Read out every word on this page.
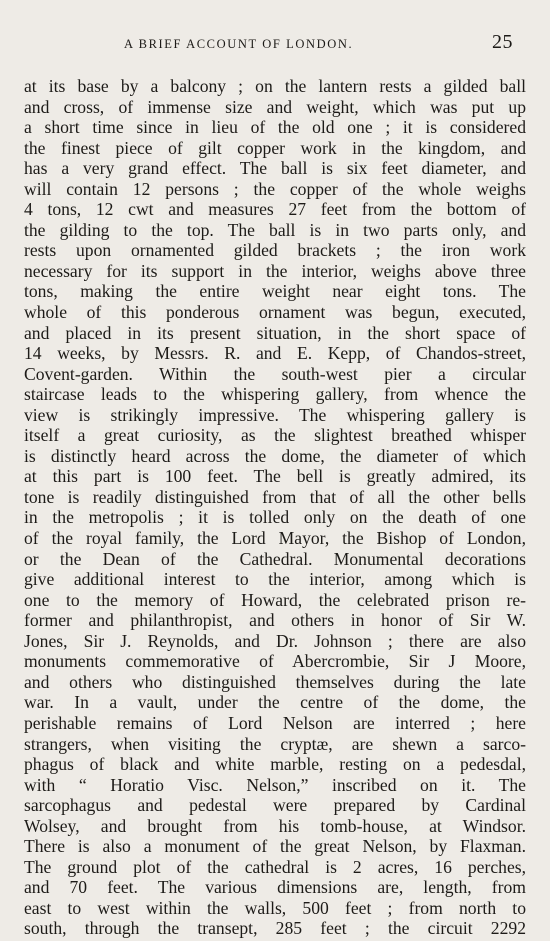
A BRIEF ACCOUNT OF LONDON.	25
at its base by a balcony ; on the lantern rests a gilded ball
and cross, of immense size and weight, which was put up
a short time since in lieu of the old one ; it is considered
the finest piece of gilt copper work in the kingdom, and
has a very grand effect. The ball is six feet diameter, and
will contain 12 persons ; the copper of the whole weighs
4 tons, 12 cwt and measures 27 feet from the bottom of
the gilding to the top. The ball is in two parts only, and
rests upon ornamented gilded brackets ; the iron work
necessary for its support in the interior, weighs above three
tons, making the entire weight near eight tons. The
whole of this ponderous ornament was begun, executed,
and placed in its present situation, in the short space of
14 weeks, by Messrs. R. and E. Kepp, of Chandos-street,
Covent-garden. Within the south-west pier a circular
staircase leads to the whispering gallery, from whence the
view is strikingly impressive. The whispering gallery is
itself a great curiosity, as the slightest breathed whisper
is distinctly heard across the dome, the diameter of which
at this part is 100 feet. The bell is greatly admired, its
tone is readily distinguished from that of all the other bells
in the metropolis ; it is tolled only on the death of one
of the royal family, the Lord Mayor, the Bishop of London,
or the Dean of the Cathedral. Monumental decorations
give additional interest to the interior, among which is
one to the memory of Howard, the celebrated prison re-
former and philanthropist, and others in honor of Sir W.
Jones, Sir J. Reynolds, and Dr. Johnson ; there are also
monuments commemorative of Abercrombie, Sir J Moore,
and others who distinguished themselves during the late
war. In a vault, under the centre of the dome, the
perishable remains of Lord Nelson are interred ; here
strangers, when visiting the cryptæ, are shewn a sarco-
phagus of black and white marble, resting on a pedesdal,
with “ Horatio Visc. Nelson,” inscribed on it. The
sarcophagus and pedestal were prepared by Cardinal
Wolsey, and brought from his tomb-house, at Windsor.
There is also a monument of the great Nelson, by Flaxman.
The ground plot of the cathedral is 2 acres, 16 perches,
and 70 feet. The various dimensions are, length, from
east to west within the walls, 500 feet ; from north to
south, through the transept, 285 feet ; the circuit 2292
